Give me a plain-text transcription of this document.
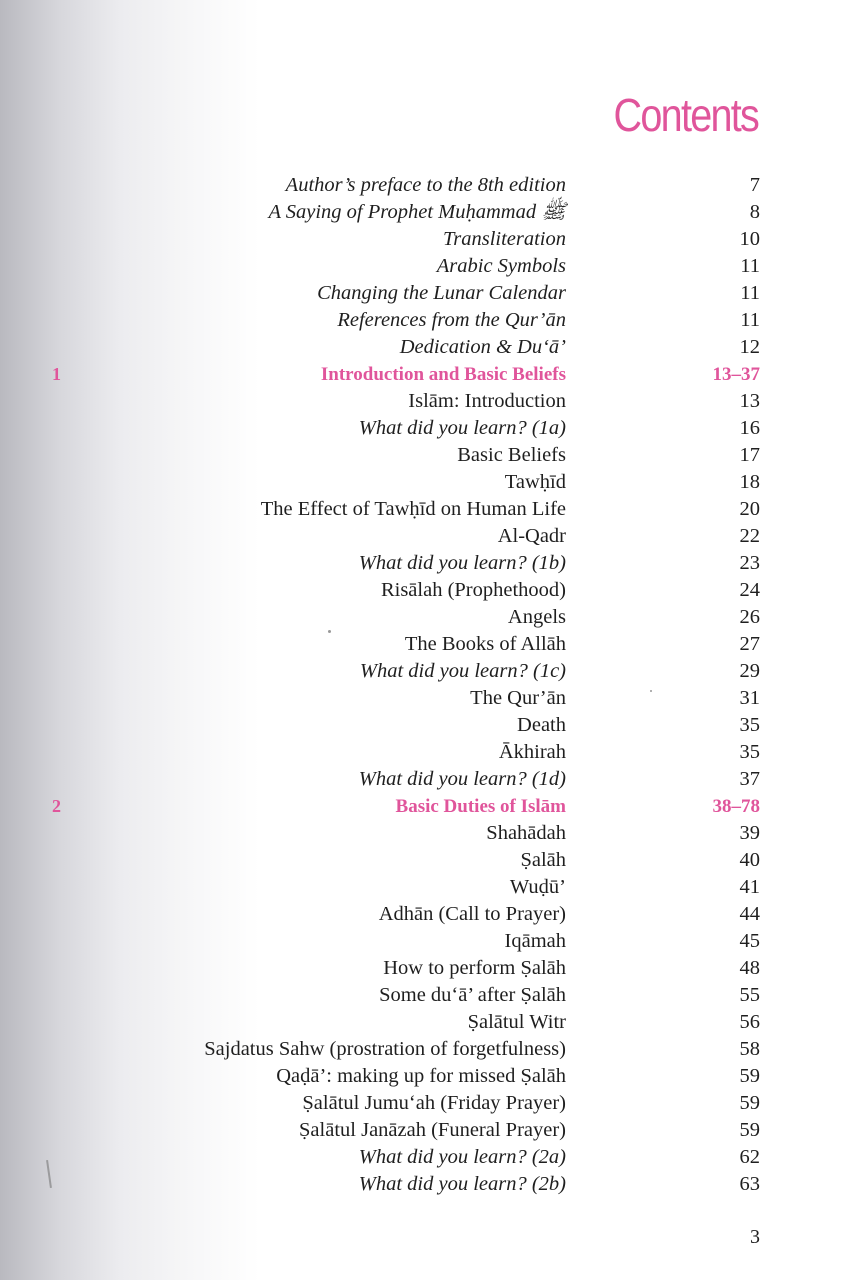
Contents
Author’s preface to the 8th edition	7
A Saying of Prophet Muḥammad ﷺ	8
Transliteration	10
Arabic Symbols	11
Changing the Lunar Calendar	11
References from the Qur’ān	11
Dedication & Du‘ā’	12
1	Introduction and Basic Beliefs	13–37
Islām: Introduction	13
What did you learn? (1a)	16
Basic Beliefs	17
Tawḥīd	18
The Effect of Tawḥīd on Human Life	20
Al-Qadr	22
What did you learn? (1b)	23
Risālah (Prophethood)	24
Angels	26
The Books of Allāh	27
What did you learn? (1c)	29
The Qur’ān	31
Death	35
Ākhirah	35
What did you learn? (1d)	37
2	Basic Duties of Islām	38–78
Shahādah	39
Ṣalāh	40
Wuḍū’	41
Adhān (Call to Prayer)	44
Iqāmah	45
How to perform Ṣalāh	48
Some du‘ā’ after Ṣalāh	55
Ṣalātul Witr	56
Sajdatus Sahw (prostration of forgetfulness)	58
Qaḍā’: making up for missed Ṣalāh	59
Ṣalātul Jumu‘ah (Friday Prayer)	59
Ṣalātul Janāzah (Funeral Prayer)	59
What did you learn? (2a)	62
What did you learn? (2b)	63
3
